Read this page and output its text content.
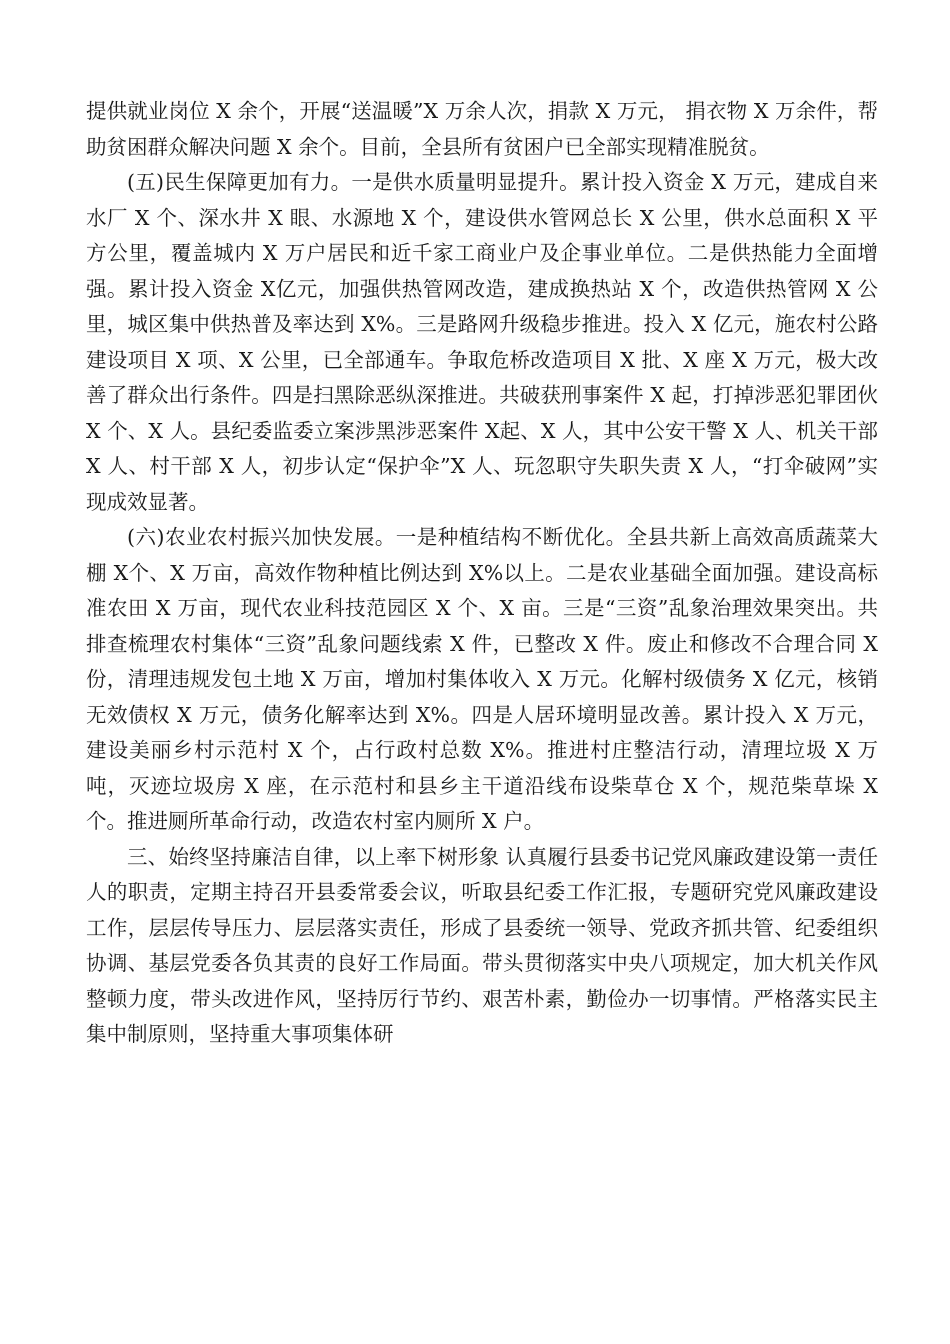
提供就业岗位 X 余个，开展“送温暖”X 万余人次，捐款 X 万元， 捐衣物 X 万余件，帮助贫困群众解决问题 X 余个。目前，全县所有贫困户已全部实现精准脱贫。

(五)民生保障更加有力。一是供水质量明显提升。累计投入资金 X 万元，建成自来水厂 X 个、深水井 X 眼、水源地 X 个，建设供水管网总长 X 公里，供水总面积 X 平方公里，覆盖城内 X 万户居民和近千家工商业户及企事业单位。二是供热能力全面增强。累计投入资金 X亿元，加强供热管网改造，建成换热站 X 个，改造供热管网 X 公里，城区集中供热普及率达到 X%。三是路网升级稳步推进。投入 X 亿元，施农村公路建设项目 X 项、X 公里，已全部通车。争取危桥改造项目 X 批、X 座 X 万元，极大改善了群众出行条件。四是扫黑除恶纵深推进。共破获刑事案件 X 起，打掉涉恶犯罪团伙 X 个、X 人。县纪委监委立案涉黑涉恶案件 X起、X 人，其中公安干警 X 人、机关干部 X 人、村干部 X 人，初步认定“保护伞”X 人、玩忽职守失职失责 X 人，“打伞破网”实现成效显著。

(六)农业农村振兴加快发展。一是种植结构不断优化。全县共新上高效高质蔬菜大棚 X个、X 万亩，高效作物种植比例达到 X%以上。二是农业基础全面加强。建设高标准农田 X 万亩，现代农业科技范园区 X 个、X 亩。三是“三资”乱象治理效果突出。共排查梳理农村集体“三资”乱象问题线索 X 件，已整改 X 件。废止和修改不合理合同 X 份，清理违规发包土地 X 万亩，增加村集体收入 X 万元。化解村级债务 X 亿元，核销无效债权 X 万元，债务化解率达到 X%。四是人居环境明显改善。累计投入 X 万元，建设美丽乡村示范村 X 个，占行政村总数 X%。推进村庄整洁行动，清理垃圾 X 万吨，灭迹垃圾房 X 座，在示范村和县乡主干道沿线布设柴草仓 X 个，规范柴草垛 X 个。推进厕所革命行动，改造农村室内厕所 X 户。

三、始终坚持廉洁自律，以上率下树形象 认真履行县委书记党风廉政建设第一责任人的职责，定期主持召开县委常委会议，听取县纪委工作汇报，专题研究党风廉政建设工作，层层传导压力、层层落实责任，形成了县委统一领导、党政齐抓共管、纪委组织协调、基层党委各负其责的良好工作局面。带头贯彻落实中央八项规定，加大机关作风整顿力度，带头改进作风，坚持厉行节约、艰苦朴素，勤俭办一切事情。严格落实民主集中制原则，坚持重大事项集体研
